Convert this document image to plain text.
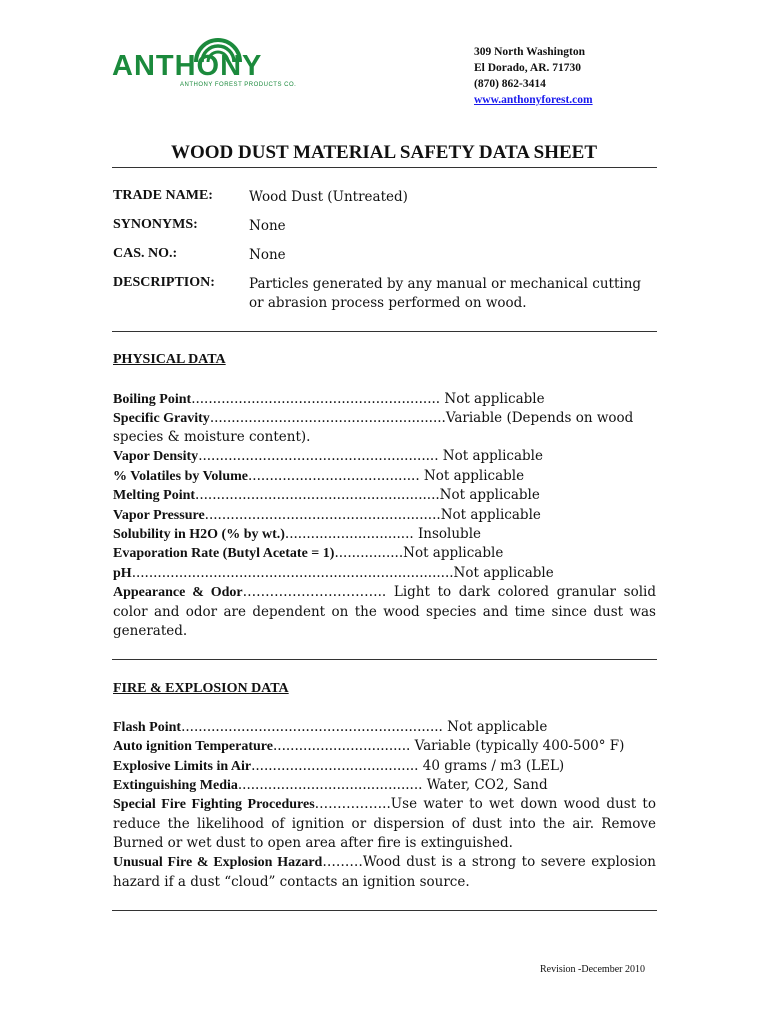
ANTHONY
ANTHONY FOREST PRODUCTS CO.
309 North Washington
El Dorado, AR. 71730
(870) 862-3414
www.anthonyforest.com
WOOD DUST MATERIAL SAFETY DATA SHEET
TRADE NAME:	Wood Dust (Untreated)
SYNONYMS:	None
CAS. NO.:	None
DESCRIPTION:	Particles generated by any manual or mechanical cutting or abrasion process performed on wood.
PHYSICAL DATA
Boiling Point.......................................................... Not applicable
Specific Gravity.......................................................Variable (Depends on wood
species & moisture content).
Vapor Density........................................................ Not applicable
% Volatiles by Volume........................................ Not applicable
Melting Point.........................................................Not applicable
Vapor Pressure.......................................................Not applicable
Solubility in H2O (% by wt.).............................. Insoluble
Evaporation Rate (Butyl Acetate = 1)................Not applicable
pH...........................................................................Not applicable
Appearance & Odor………………………….. Light to dark colored granular solid color and odor are dependent on the wood species and time since dust was generated.
FIRE & EXPLOSION DATA
Flash Point............................................................. Not applicable
Auto ignition Temperature................................ Variable (typically 400-500° F)
Explosive Limits in Air....................................... 40 grams / m3 (LEL)
Extinguishing Media........................................... Water, CO2, Sand
Special Fire Fighting Procedures……………..Use water to wet down wood dust to reduce the likelihood of ignition or dispersion of dust into the air. Remove Burned or wet dust to open area after fire is extinguished.
Unusual Fire & Explosion Hazard………Wood dust is a strong to severe explosion hazard if a dust “cloud” contacts an ignition source.
Revision -December 2010
